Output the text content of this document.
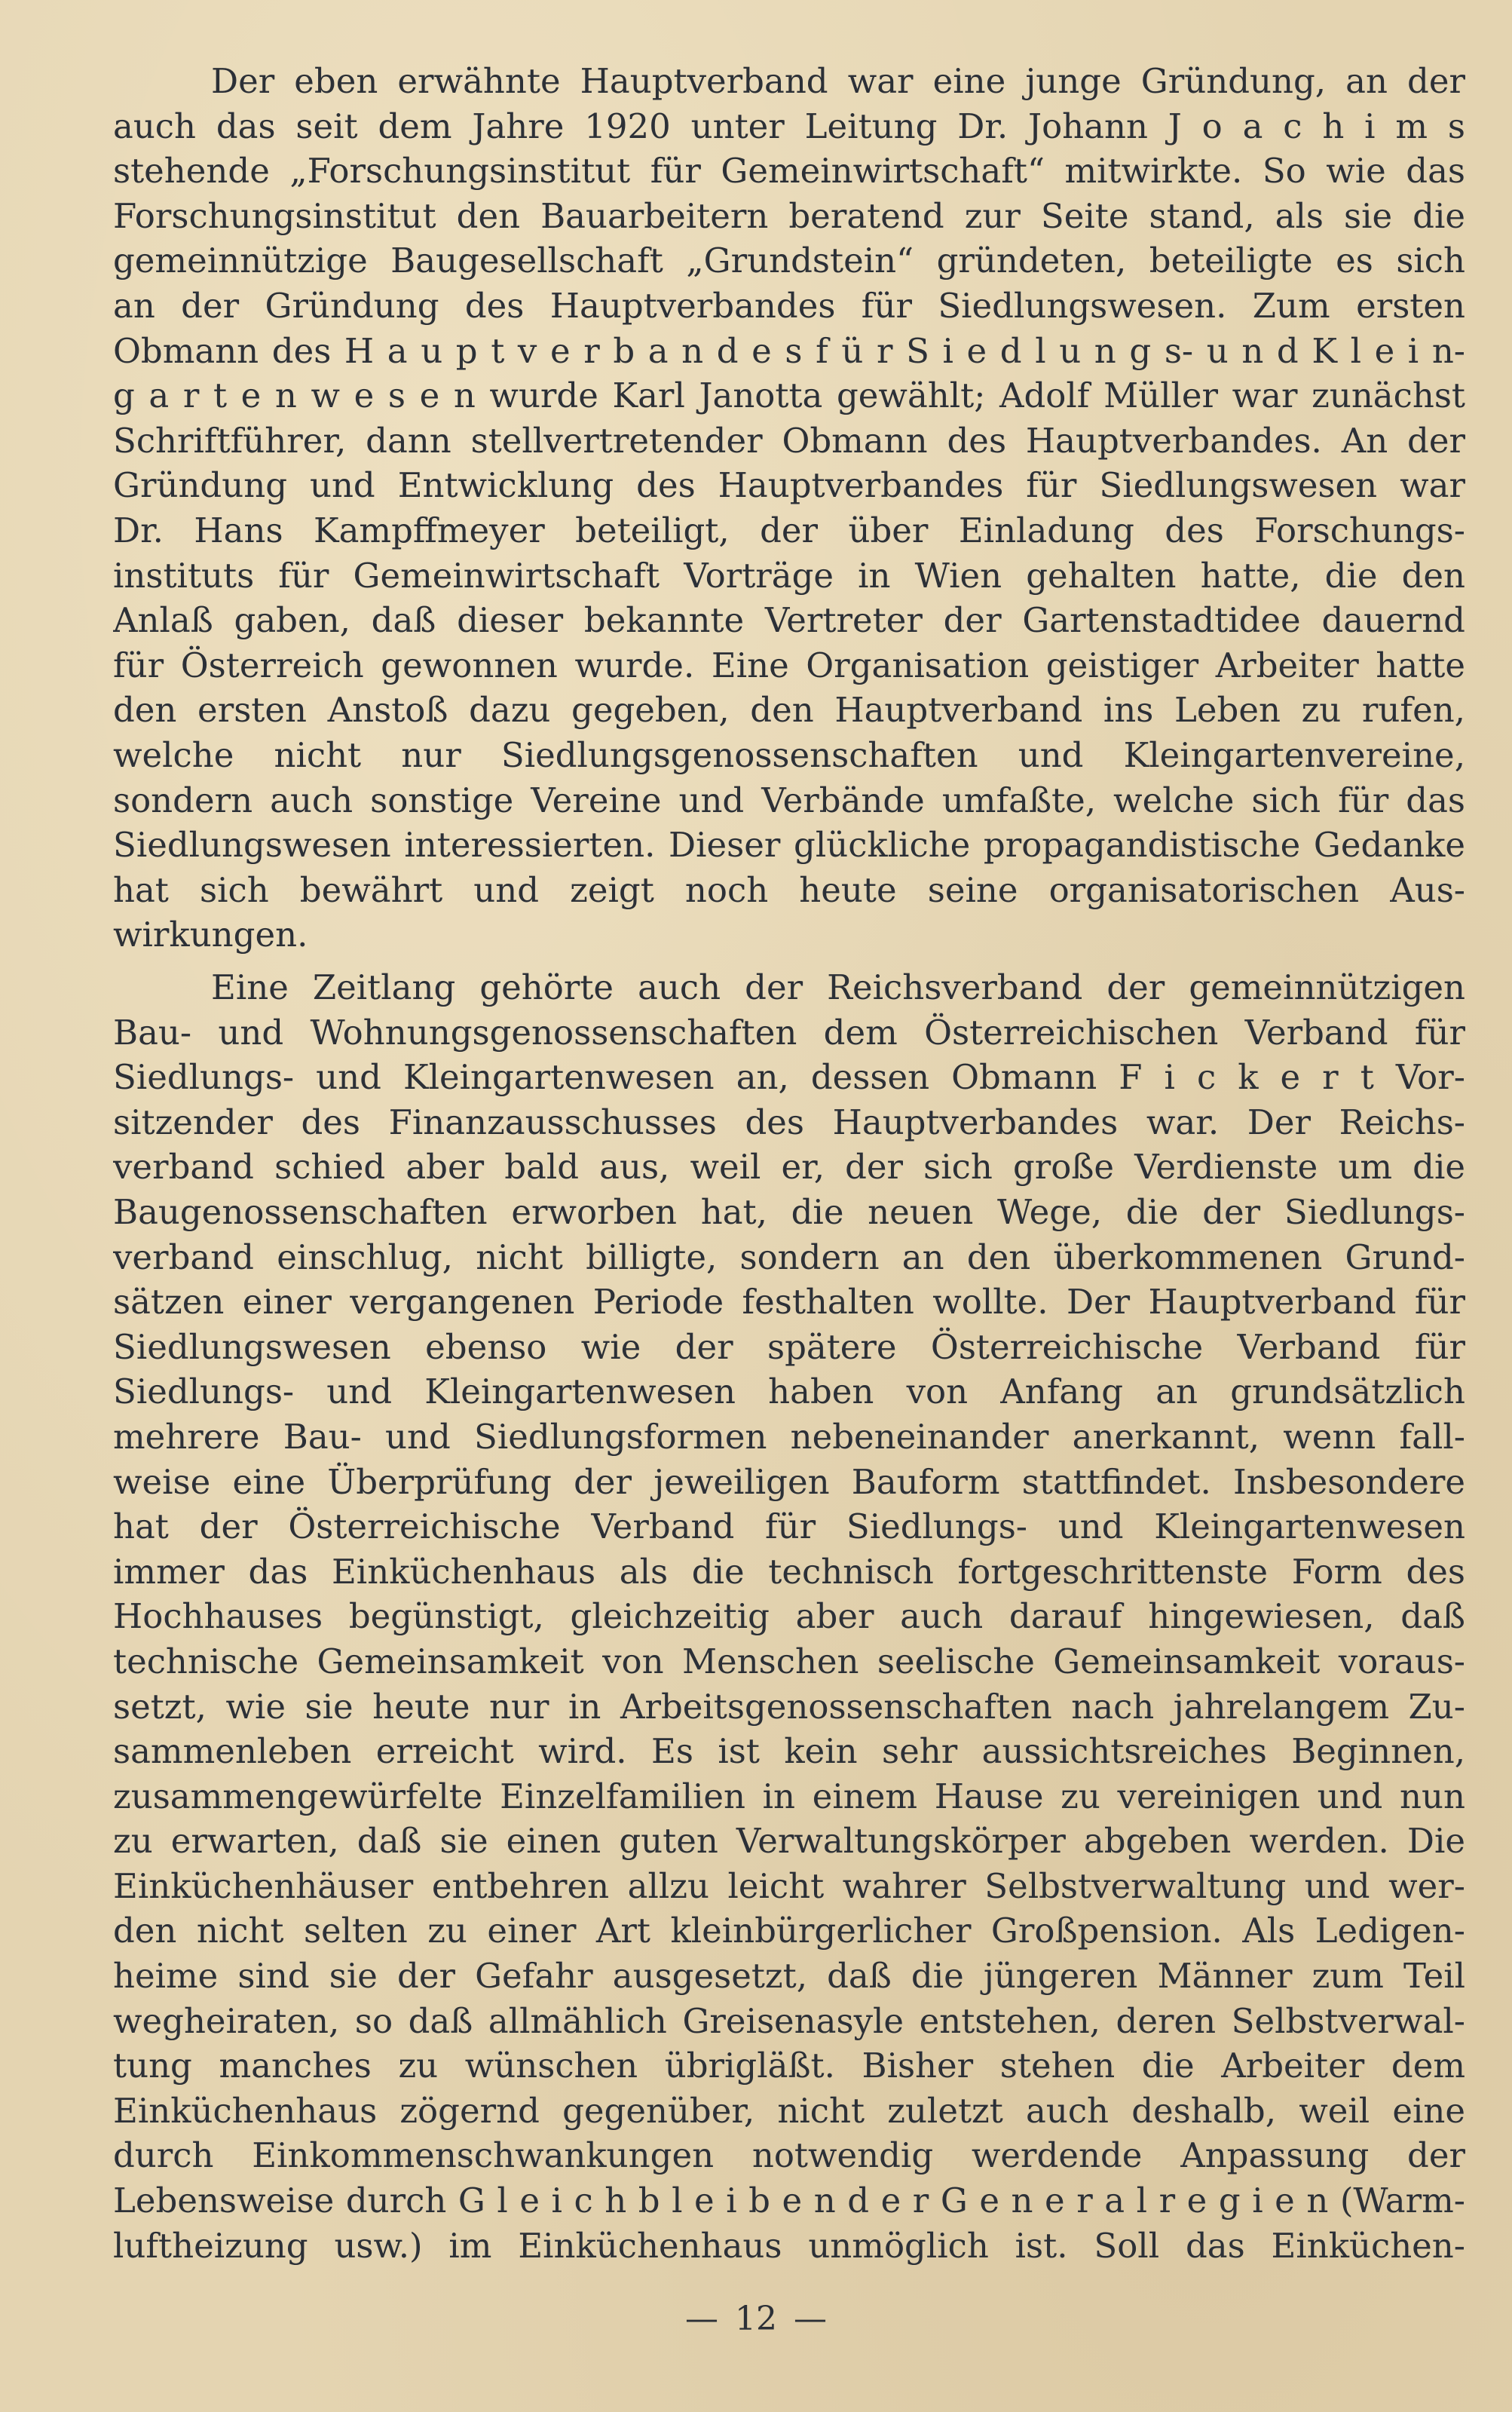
Der eben erwähnte Hauptverband war eine junge Gründung, an der
auch das seit dem Jahre 1920 unter Leitung Dr. Johann J o a c h i m s
stehende „Forschungsinstitut für Gemeinwirtschaft“ mitwirkte. So wie das
Forschungsinstitut den Bauarbeitern beratend zur Seite stand, als sie die
gemeinnützige Baugesellschaft „Grundstein“ gründeten, beteiligte es sich
an der Gründung des Hauptverbandes für Siedlungswesen. Zum ersten
Obmann des H a u p t v e r b a n d e s f ü r S i e d l u n g s- u n d K l e i n-
g a r t e n w e s e n wurde Karl Janotta gewählt; Adolf Müller war zunächst
Schriftführer, dann stellvertretender Obmann des Hauptverbandes. An der
Gründung und Entwicklung des Hauptverbandes für Siedlungswesen war
Dr. Hans Kampffmeyer beteiligt, der über Einladung des Forschungs-
instituts für Gemeinwirtschaft Vorträge in Wien gehalten hatte, die den
Anlaß gaben, daß dieser bekannte Vertreter der Gartenstadtidee dauernd
für Österreich gewonnen wurde. Eine Organisation geistiger Arbeiter hatte
den ersten Anstoß dazu gegeben, den Hauptverband ins Leben zu rufen,
welche nicht nur Siedlungsgenossenschaften und Kleingartenvereine,
sondern auch sonstige Vereine und Verbände umfaßte, welche sich für das
Siedlungswesen interessierten. Dieser glückliche propagandistische Gedanke
hat sich bewährt und zeigt noch heute seine organisatorischen Aus-
wirkungen.
Eine Zeitlang gehörte auch der Reichsverband der gemeinnützigen
Bau- und Wohnungsgenossenschaften dem Österreichischen Verband für
Siedlungs- und Kleingartenwesen an, dessen Obmann F i c k e r t Vor-
sitzender des Finanzausschusses des Hauptverbandes war. Der Reichs-
verband schied aber bald aus, weil er, der sich große Verdienste um die
Baugenossenschaften erworben hat, die neuen Wege, die der Siedlungs-
verband einschlug, nicht billigte, sondern an den überkommenen Grund-
sätzen einer vergangenen Periode festhalten wollte. Der Hauptverband für
Siedlungswesen ebenso wie der spätere Österreichische Verband für
Siedlungs- und Kleingartenwesen haben von Anfang an grundsätzlich
mehrere Bau- und Siedlungsformen nebeneinander anerkannt, wenn fall-
weise eine Überprüfung der jeweiligen Bauform stattfindet. Insbesondere
hat der Österreichische Verband für Siedlungs- und Kleingartenwesen
immer das Einküchenhaus als die technisch fortgeschrittenste Form des
Hochhauses begünstigt, gleichzeitig aber auch darauf hingewiesen, daß
technische Gemeinsamkeit von Menschen seelische Gemeinsamkeit voraus-
setzt, wie sie heute nur in Arbeitsgenossenschaften nach jahrelangem Zu-
sammenleben erreicht wird. Es ist kein sehr aussichtsreiches Beginnen,
zusammengewürfelte Einzelfamilien in einem Hause zu vereinigen und nun
zu erwarten, daß sie einen guten Verwaltungskörper abgeben werden. Die
Einküchenhäuser entbehren allzu leicht wahrer Selbstverwaltung und wer-
den nicht selten zu einer Art kleinbürgerlicher Großpension. Als Ledigen-
heime sind sie der Gefahr ausgesetzt, daß die jüngeren Männer zum Teil
wegheiraten, so daß allmählich Greisenasyle entstehen, deren Selbstverwal-
tung manches zu wünschen übrigläßt. Bisher stehen die Arbeiter dem
Einküchenhaus zögernd gegenüber, nicht zuletzt auch deshalb, weil eine
durch Einkommenschwankungen notwendig werdende Anpassung der
Lebensweise durch G l e i c h b l e i b e n d e r G e n e r a l r e g i e n (Warm-
luftheizung usw.) im Einküchenhaus unmöglich ist. Soll das Einküchen-
— 12 —
